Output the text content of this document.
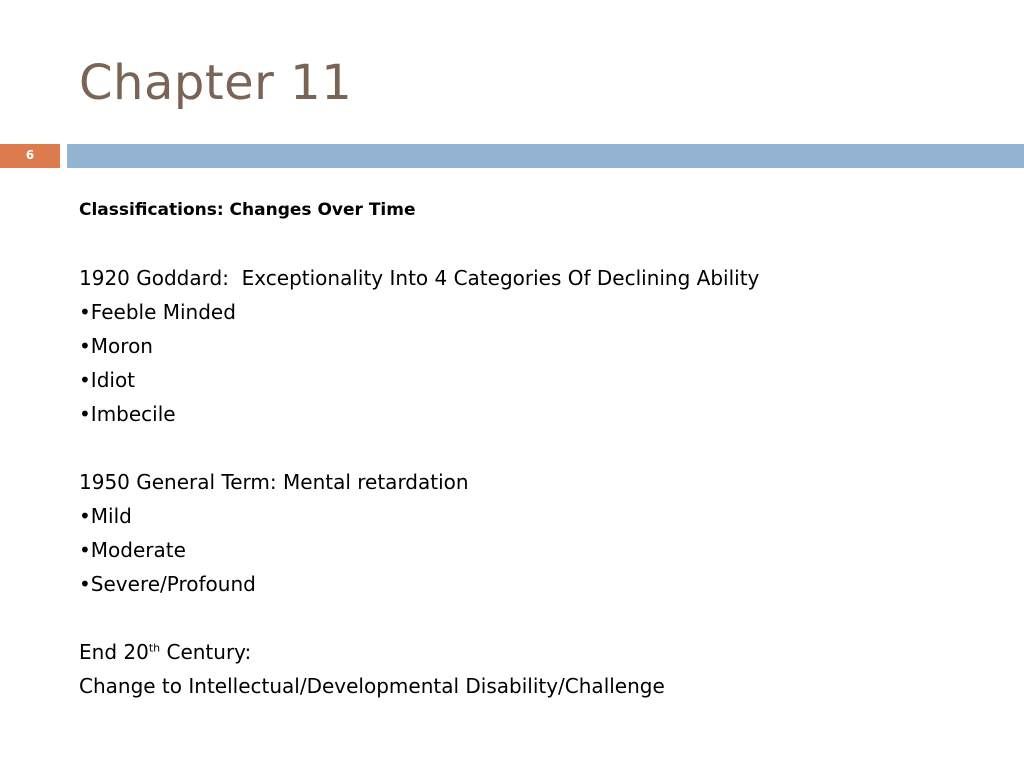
Chapter 11
6

Classifications: Changes Over Time

1920 Goddard:  Exceptionality Into 4 Categories Of Declining Ability

•Feeble Minded

•Moron

•Idiot

•Imbecile

1950 General Term: Mental retardation

•Mild

•Moderate

•Severe/Profound

End 20th Century:

Change to Intellectual/Developmental Disability/Challenge
